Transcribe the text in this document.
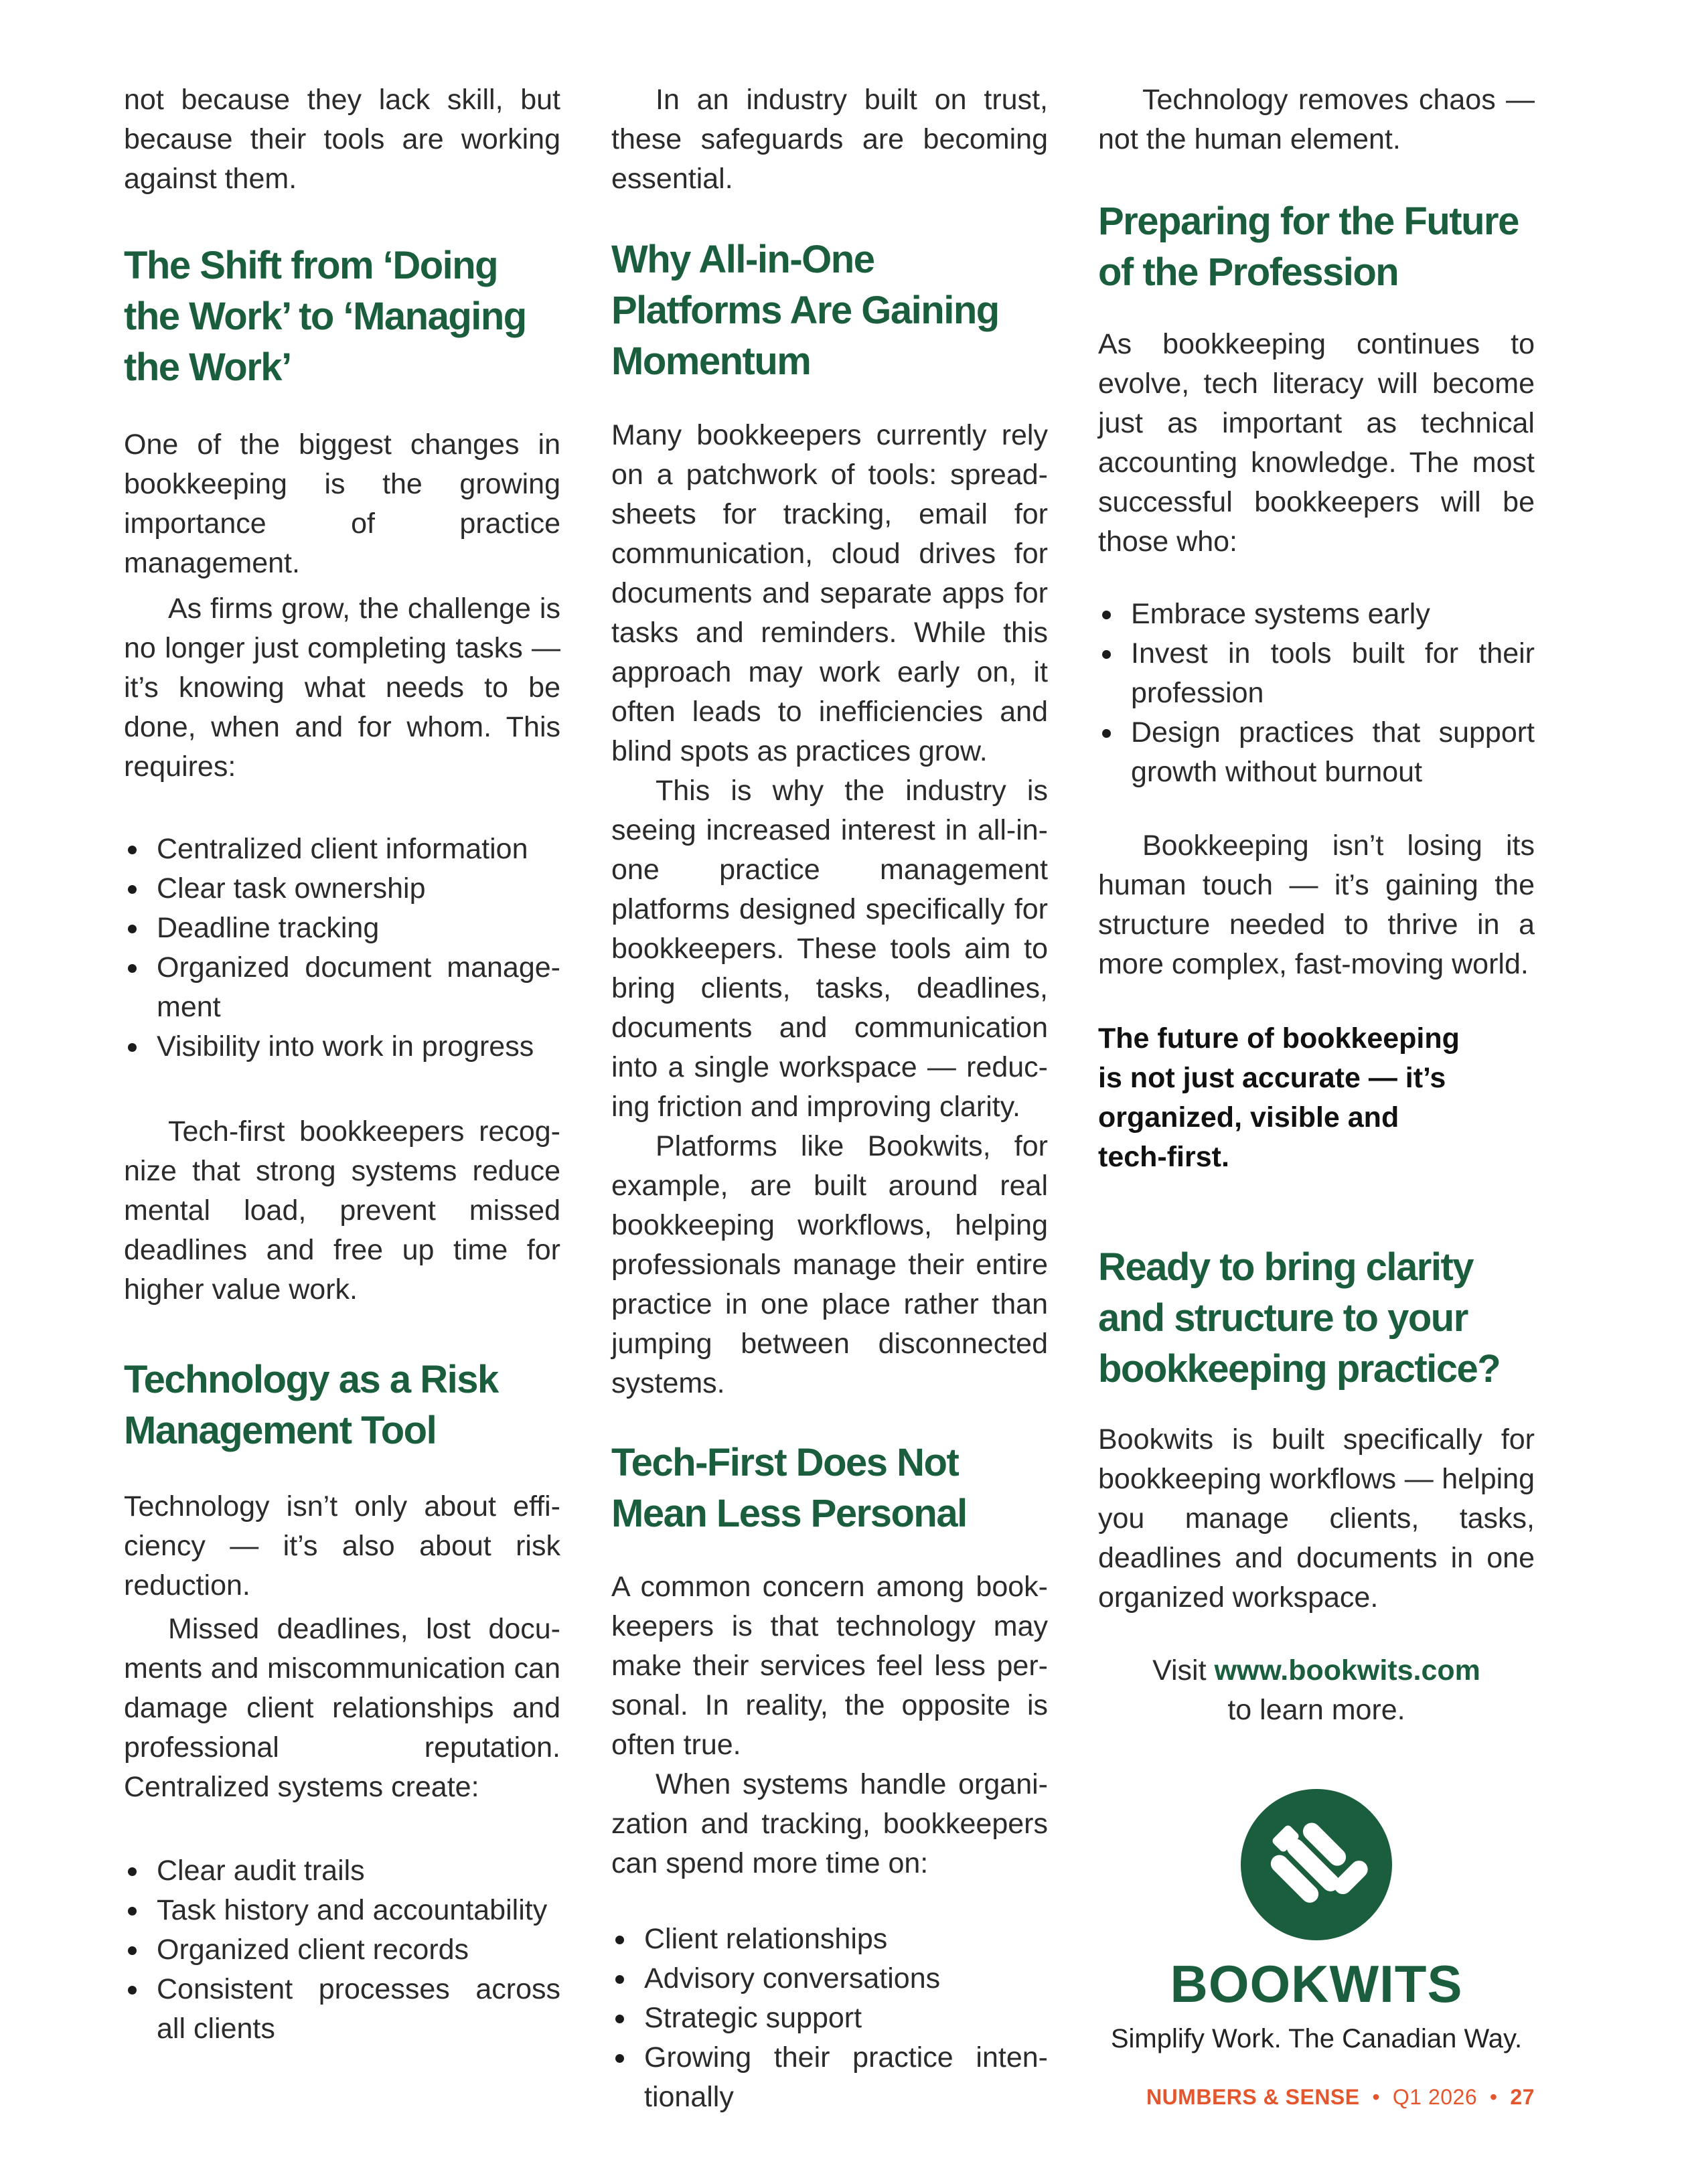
not because they lack skill, but because their tools are working against them.

The Shift from ‘Doing the Work’ to ‘Managing the Work’

One of the biggest changes in bookkeeping is the growing importance of practice management.

As firms grow, the challenge is no longer just completing tasks — it’s knowing what needs to be done, when and for whom. This requires:

Centralized client information
Clear task ownership
Deadline tracking
Organized document management
Visibility into work in progress

Tech-first bookkeepers recognize that strong systems reduce mental load, prevent missed deadlines and free up time for higher value work.

Technology as a Risk Management Tool

Technology isn’t only about efficiency — it’s also about risk reduction.

Missed deadlines, lost documents and miscommunication can damage client relationships and professional reputation. Centralized systems create:

Clear audit trails
Task history and accountability
Organized client records
Consistent processes across all clients

In an industry built on trust, these safeguards are becoming essential.

Why All-in-One Platforms Are Gaining Momentum

Many bookkeepers currently rely on a patchwork of tools: spreadsheets for tracking, email for communication, cloud drives for documents and separate apps for tasks and reminders. While this approach may work early on, it often leads to inefficiencies and blind spots as practices grow.

This is why the industry is seeing increased interest in all-in-one practice management platforms designed specifically for bookkeepers. These tools aim to bring clients, tasks, deadlines, documents and communication into a single workspace — reducing friction and improving clarity.

Platforms like Bookwits, for example, are built around real bookkeeping workflows, helping professionals manage their entire practice in one place rather than jumping between disconnected systems.

Tech-First Does Not Mean Less Personal

A common concern among bookkeepers is that technology may make their services feel less personal. In reality, the opposite is often true.

When systems handle organization and tracking, bookkeepers can spend more time on:

Client relationships
Advisory conversations
Strategic support
Growing their practice intentionally

Technology removes chaos — not the human element.

Preparing for the Future of the Profession

As bookkeeping continues to evolve, tech literacy will become just as important as technical accounting knowledge. The most successful bookkeepers will be those who:

Embrace systems early
Invest in tools built for their profession
Design practices that support growth without burnout

Bookkeeping isn’t losing its human touch — it’s gaining the structure needed to thrive in a more complex, fast-moving world.

The future of bookkeeping is not just accurate — it’s organized, visible and tech-first.

Ready to bring clarity and structure to your bookkeeping practice?

Bookwits is built specifically for bookkeeping workflows — helping you manage clients, tasks, deadlines and documents in one organized workspace.

Visit www.bookwits.com
to learn more.

BOOKWITS
Simplify Work. The Canadian Way.
NUMBERS & SENSE • Q1 2026 • 27
